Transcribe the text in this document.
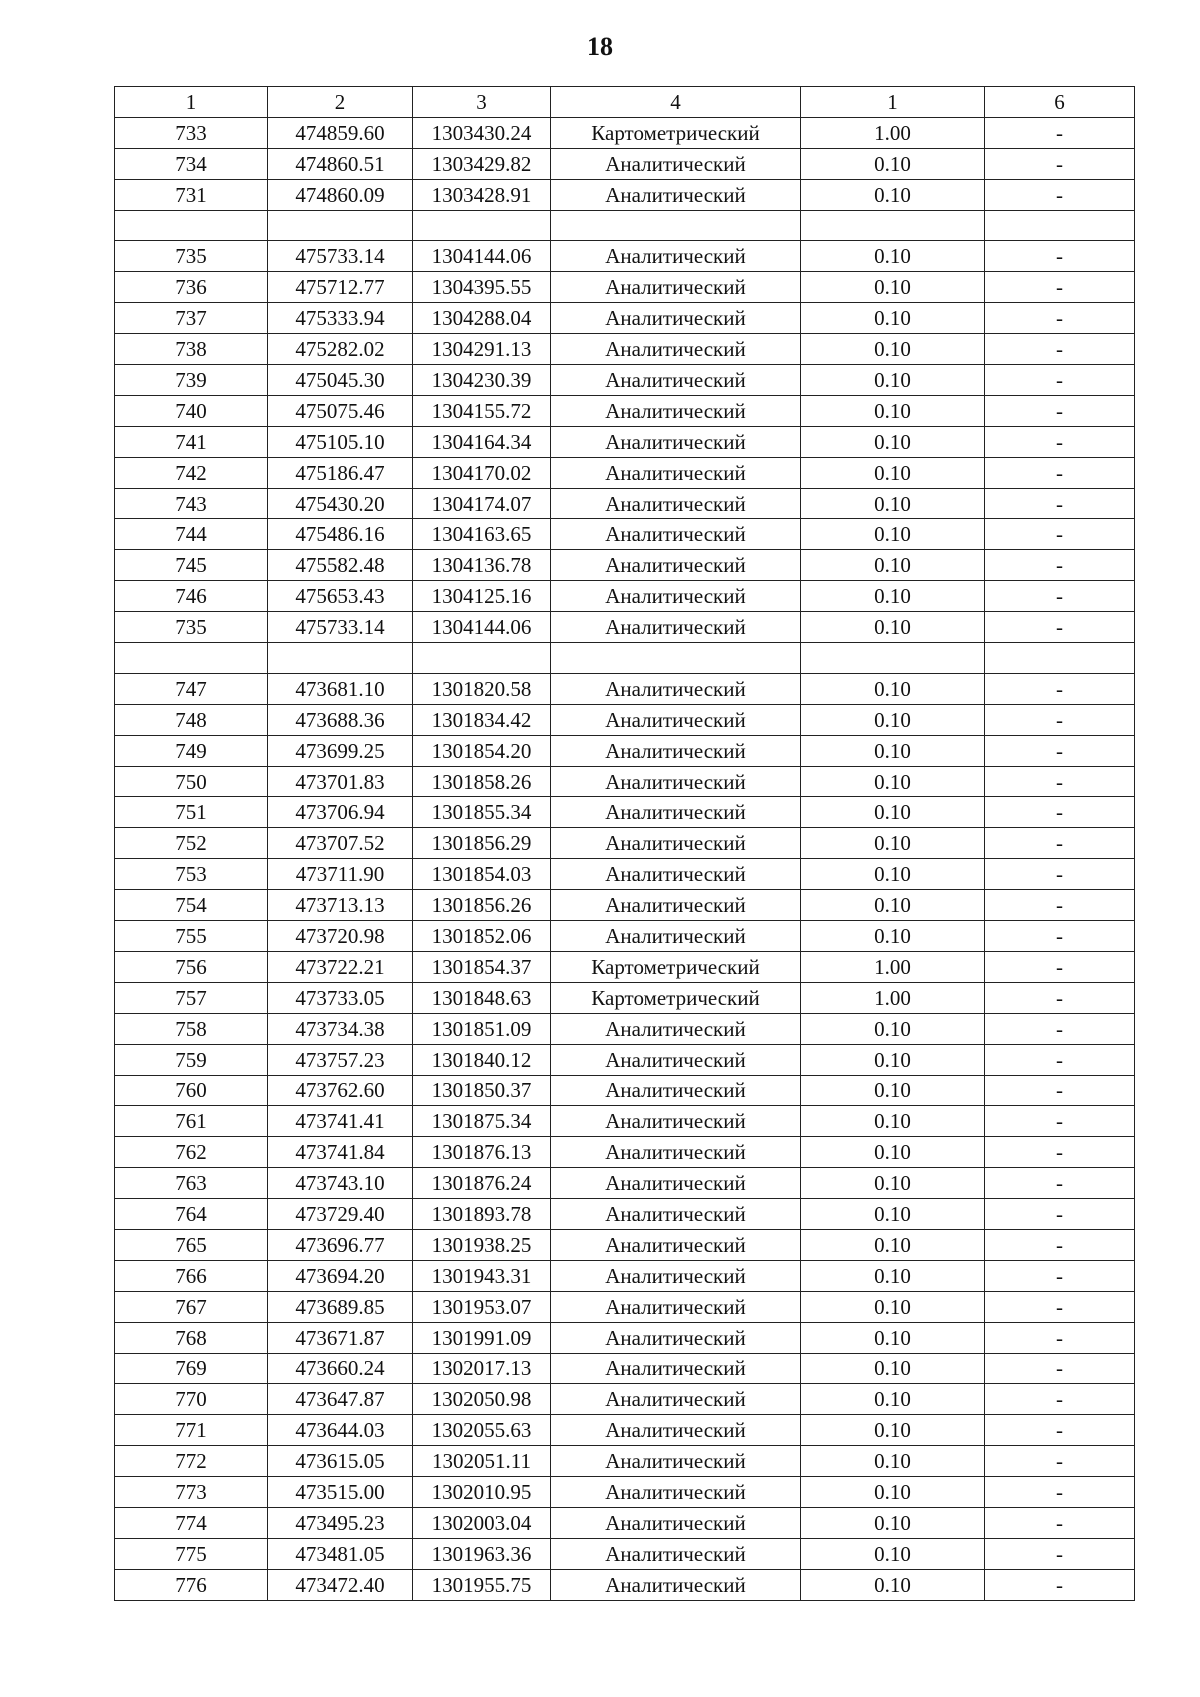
18
1	2	3	4	1	6
733	474859.60	1303430.24	Картометрический	1.00	-
734	474860.51	1303429.82	Аналитический	0.10	-
731	474860.09	1303428.91	Аналитический	0.10	-

735	475733.14	1304144.06	Аналитический	0.10	-
736	475712.77	1304395.55	Аналитический	0.10	-
737	475333.94	1304288.04	Аналитический	0.10	-
738	475282.02	1304291.13	Аналитический	0.10	-
739	475045.30	1304230.39	Аналитический	0.10	-
740	475075.46	1304155.72	Аналитический	0.10	-
741	475105.10	1304164.34	Аналитический	0.10	-
742	475186.47	1304170.02	Аналитический	0.10	-
743	475430.20	1304174.07	Аналитический	0.10	-
744	475486.16	1304163.65	Аналитический	0.10	-
745	475582.48	1304136.78	Аналитический	0.10	-
746	475653.43	1304125.16	Аналитический	0.10	-
735	475733.14	1304144.06	Аналитический	0.10	-

747	473681.10	1301820.58	Аналитический	0.10	-
748	473688.36	1301834.42	Аналитический	0.10	-
749	473699.25	1301854.20	Аналитический	0.10	-
750	473701.83	1301858.26	Аналитический	0.10	-
751	473706.94	1301855.34	Аналитический	0.10	-
752	473707.52	1301856.29	Аналитический	0.10	-
753	473711.90	1301854.03	Аналитический	0.10	-
754	473713.13	1301856.26	Аналитический	0.10	-
755	473720.98	1301852.06	Аналитический	0.10	-
756	473722.21	1301854.37	Картометрический	1.00	-
757	473733.05	1301848.63	Картометрический	1.00	-
758	473734.38	1301851.09	Аналитический	0.10	-
759	473757.23	1301840.12	Аналитический	0.10	-
760	473762.60	1301850.37	Аналитический	0.10	-
761	473741.41	1301875.34	Аналитический	0.10	-
762	473741.84	1301876.13	Аналитический	0.10	-
763	473743.10	1301876.24	Аналитический	0.10	-
764	473729.40	1301893.78	Аналитический	0.10	-
765	473696.77	1301938.25	Аналитический	0.10	-
766	473694.20	1301943.31	Аналитический	0.10	-
767	473689.85	1301953.07	Аналитический	0.10	-
768	473671.87	1301991.09	Аналитический	0.10	-
769	473660.24	1302017.13	Аналитический	0.10	-
770	473647.87	1302050.98	Аналитический	0.10	-
771	473644.03	1302055.63	Аналитический	0.10	-
772	473615.05	1302051.11	Аналитический	0.10	-
773	473515.00	1302010.95	Аналитический	0.10	-
774	473495.23	1302003.04	Аналитический	0.10	-
775	473481.05	1301963.36	Аналитический	0.10	-
776	473472.40	1301955.75	Аналитический	0.10	-
